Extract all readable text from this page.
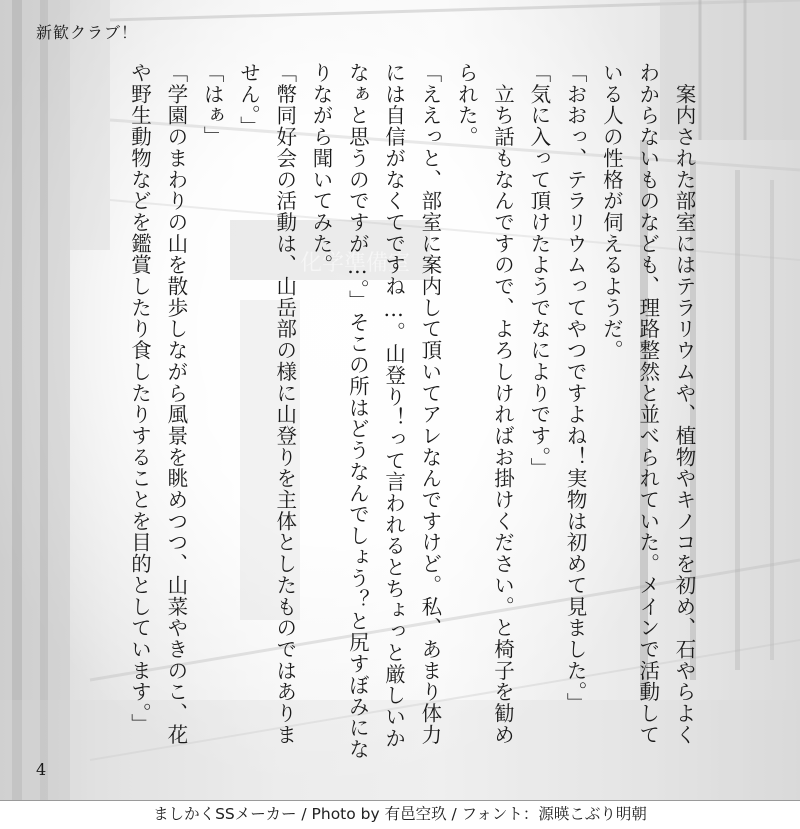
化学準備室
新歓クラブ！

　案内された部室にはテラリウムや、植物やキノコを初め、石やらよくわからないものなども、理路整然と並べられていた。メインで活動している人の性格が伺えるようだ。

「おおっ、テラリウムってやつですよね！実物は初めて見ました。」

「気に入って頂けたようでなによりです。」

　立ち話もなんですので、よろしければお掛けください。と椅子を勧められた。

「ええっと、部室に案内して頂いてアレなんですけど。私、あまり体力には自信がなくてですね…。山登り！って言われるとちょっと厳しいかなぁと思うのですが…。」そこの所はどうなんでしょう？と尻すぼみになりながら聞いてみた。

「幣同好会の活動は、山岳部の様に山登りを主体としたものではありません。」

「はぁ」

「学園のまわりの山を散歩しながら風景を眺めつつ、山菜やきのこ、花や野生動物などを鑑賞したり食したりすることを目的としています。」

4
ましかくSSメーカー / Photo by 有邑空玖 / フォント：源暎こぶり明朝
